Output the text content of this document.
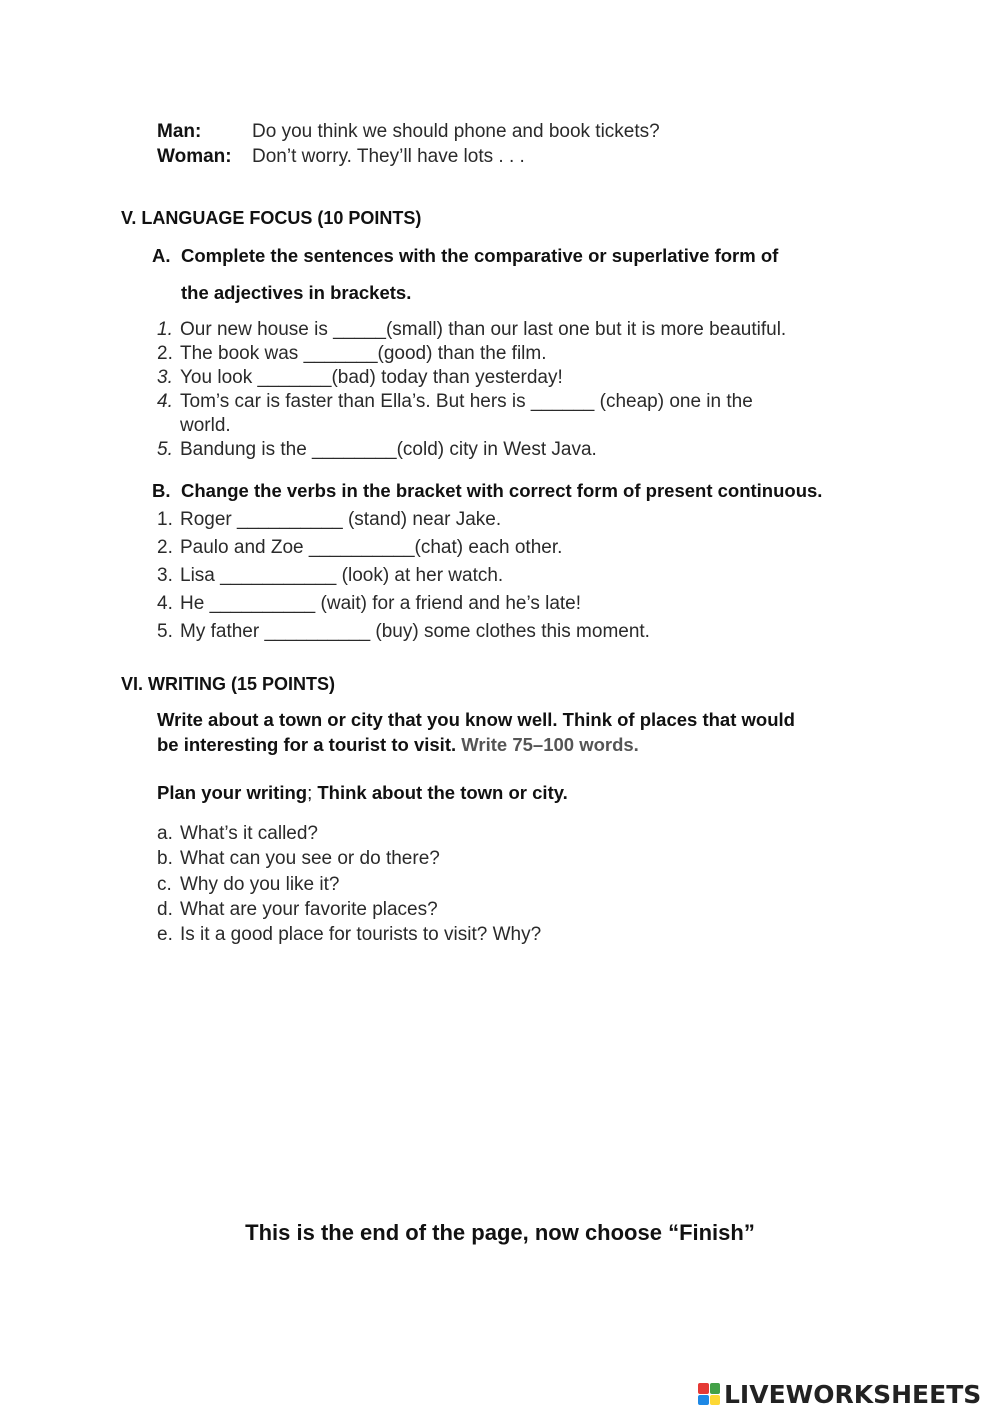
Man:	Do you think we should phone and book tickets?
Woman: Don’t worry. They’ll have lots . . .
V. LANGUAGE FOCUS (10 POINTS)
A. Complete the sentences with the comparative or superlative form of
the adjectives in brackets.
1. Our new house is _____(small) than our last one but it is more beautiful.
2. The book was _______(good) than the film.
3. You look _______(bad) today than yesterday!
4. Tom’s car is faster than Ella’s. But hers is ______ (cheap) one in the
world.
5. Bandung is the ________(cold) city in West Java.
B. Change the verbs in the bracket with correct form of present continuous.
1. Roger __________ (stand) near Jake.
2. Paulo and Zoe __________(chat) each other.
3. Lisa ___________ (look) at her watch.
4. He __________ (wait) for a friend and he’s late!
5. My father __________ (buy) some clothes this moment.
VI. WRITING (15 POINTS)
Write about a town or city that you know well. Think of places that would
be interesting for a tourist to visit. Write 75–100 words.
Plan your writing; Think about the town or city.
a. What’s it called?
b. What can you see or do there?
c. Why do you like it?
d. What are your favorite places?
e. Is it a good place for tourists to visit? Why?
This is the end of the page, now choose “Finish”
LIVEWORKSHEETS
